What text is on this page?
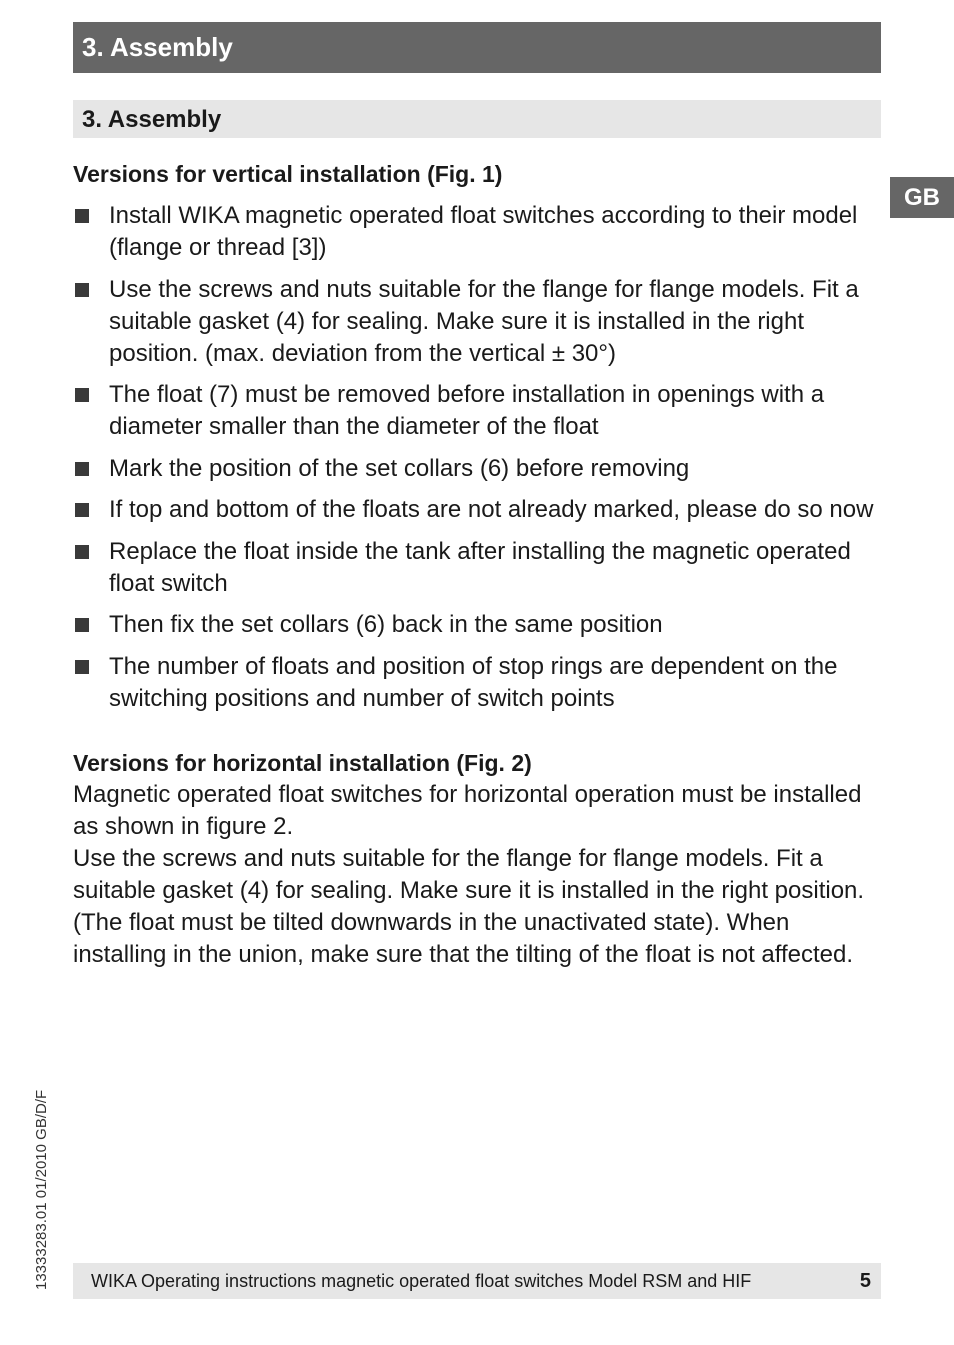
3. Assembly
3. Assembly
GB
Versions for vertical installation (Fig. 1)
Install WIKA magnetic operated float switches according to their model (flange or thread [3])
Use the screws and nuts suitable for the flange for flange models. Fit a suitable gasket (4) for sealing. Make sure it is installed in the right position. (max. deviation from the vertical ± 30°)
The float (7) must be removed before installation in openings with a diameter smaller than the diameter of the float
Mark the position of the set collars (6) before removing
If top and bottom of the floats are not already marked, please do so now
Replace the float inside the tank after installing the magnetic operated float switch
Then fix the set collars (6) back in the same position
The number of floats and position of stop rings are dependent on the switching positions and number of switch points
Versions for horizontal installation (Fig. 2)

Magnetic operated float switches for horizontal operation must be installed as shown in figure 2.

Use the screws and nuts suitable for the flange for flange models. Fit a suitable gasket (4) for sealing. Make sure it is installed in the right position. (The float must be tilted downwards in the unactivated state). When installing in the union, make sure that the tilting of the float is not affected.

13333283.01 01/2010 GB/D/F WIKA Operating instructions magnetic operated float switches Model RSM and HIF	5
